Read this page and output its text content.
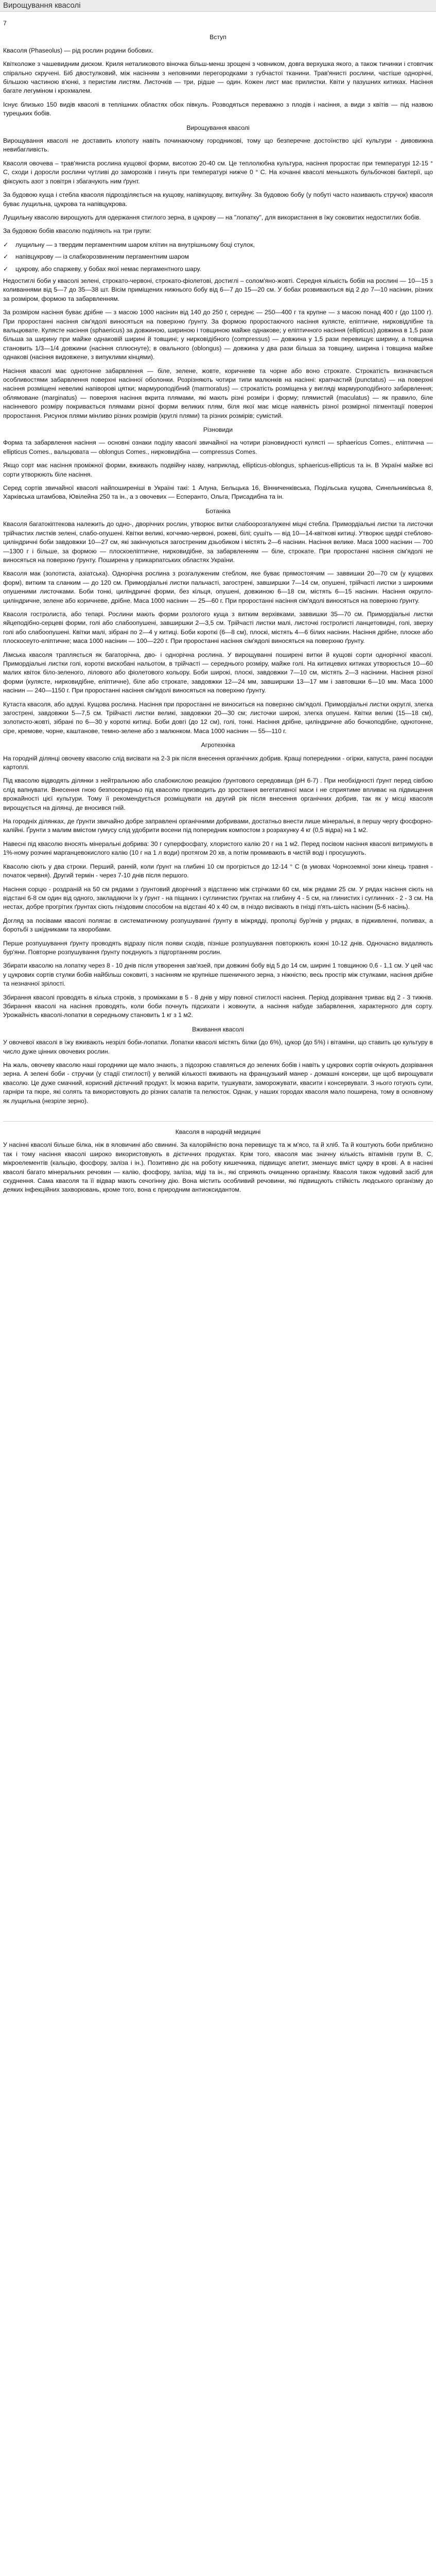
Вирощування квасолі
7
Вступ

Квасоля (Phaseolus) — рід рослин родини бобових.

Квітколоже з чашевидним диском. Криля неталиковото віночка більш-менш зрощені з човником, довга верхушка якого, а також тичинки і стовпчик спірально скручені. Біб двостулковий, між насінням з неповними перегородками з губчастої тканини. Трав'янисті рослини, частіше однорічні, більшою частиною в'юнкі, з перистим листям. Листочків — три, рідше — один. Кожен лист має прилистки. Квіти у пазушних китиках. Насіння багате легуміном і крохмалем.

Існує близько 150 видів квасолі в теплішних областях обох півкуль. Розводяться переважно з плодів і насіння, а види з квітів — під назвою турецьких бобів.

Вирощування квасолі

Вирощування квасолі не доставить клопоту навіть починаючому городникові, тому що безперечне достоїнство цієї культури - дивовижна невибагливість.

Квасоля овочева – трав'яниста рослина кущової форми, висотою 20-40 см. Це теплолюбна культура, насіння проростає при температурі 12-15 ° С, сходи і доросли рослини чутливі до заморозків і гинуть при температурі нижче 0 ° С. На кочанні квасолі меньшкоть бульбочкові бактерії, що фіксують азот з повітря і збагачують ним ґрунт.

За будовою куща і стебла квасоля підрозділяється на кущову, напівкущову, виткуйну. За будовою бобу (у побуті часто називають стручок) квасоля буває лущильна, цукрова та напівцукрова.

Лущильну квасолю вирощують для одержання стиглого зерна, в цукрову — на "лопатку", для використання в їжу соковитих недостиглих бобів.

За будовою бобів квасолю поділяють на три групи:

✓ лущильну — з твердим пергаментним шаром клітин на внутрішньому боці стулок,
✓ напівцукрову — із слабкорозвиненим пергаментним шаром
✓ цукрову, або спаржеву, у бобах якої немає пергаментного шару.

Недостиглі боби у квасолі зелені, строкато-червоні, строкато-фіолетові, достиглі – солом'яно-жовті. Середня кількість бобів на рослині — 10—15 з коливаннями від 5—7 до 35—38 шт. Вісім приміщених нижнього бобу від 6—7 до 15—20 см. У бобах розвиваються від 2 до 7—10 насінин, різних за розміром, формою та забарвленням.

За розміром насіння буває дрібне — з масою 1000 насінин від 140 до 250 г, середнє — 250—400 г та крупне — з масою понад 400 г (до 1100 г). При проростанні насіння сім'ядолі виносяться на поверхню ґрунту. За формою проростаючого насіння кулясте, еліптичне, нирковідлібне та вальцювате. Кулясте насіння (sphaericus) за довжиною, шириною і товщиною майже однакове; у еліптичного насіння (ellipticus) довжина в 1,5 рази більша за ширину при майже однаковій ширині й товщині; у нирковідібного (compressus) — довжина у 1,5 рази перевищує ширину, а товщина становить 1/3—1/4 довжини (насіння сплюснуте); в овального (oblongus) — довжина у два рази більша за товщину, ширина і товщина майже однакові (насіння видовжене, з випуклими кінцями).

Насіння квасолі має однотонне забарвлення — біле, зелене, жовте, коричневе та чорне або воно строкате. Строкатість визначається особливостями забарвлення поверхні насінної оболонки. Розрізняють чотири типи малюнків на насінні: крапчастий (punctatus) — на поверхні насіння розміщені невеликі напіворові цятки; мармуроподібний (marmoratus) — строкатість розміщена у вигляді мармуроподібного забарвлення; облямоване (marginatus) — поверхня насіння вкрита плямами, які мають різні розміри і форму; плямистий (maculatus) — як правило, біле насінневого розміру покривається плямами різної форми великих плям, біля якої має місце наявність різної розмірної пігментації поверхні проростання. Рисунок плями мінливо різних розмірів (круглі плями) та різних розмірів; сумістий.

Різновиди

Форма та забарвлення насіння — основні ознаки поділу квасолі звичайної на чотири різновидності кулясті — sphaericus Comes., еліптична — ellipticus Comes., вальцювата — oblongus Comes., нирковидібна — compressus Comes.

Якщо сорт має насіння проміжної форми, вживають подвійну назву, наприклад, ellipticus-oblongus, sphaericus-ellipticus та ін. В Україні майже всі сорти утворюють біле насіння.

Серед сортів звичайної квасолі найпоширеніші в Україні такі: 1 Алуна, Бельцька 16, Вінниченківська, Подільська кущова, Синельниківська 8, Харківська штамбова, Ювілейна 250 та ін., а з овочевих — Есперанто, Ольга, Присадибна та ін.

Ботаніка

Квасоля багатокіптекова належить до одно-, дворічних рослин, утворює витки слабоорозгалужені міцні стебла. Примордіальні листки та листочки трійчастих листків зелені, слабо-опушені. Квітки великі, когчнмо-червоні, рожеві, білі; сушіть — від 10—14-квіткові китиці. Утворює щедрі стеблово-циліндричні боби завдовжки 10—27 см, які закінчуються загостреним дзьобиком і містять 2—6 насінин. Насіння велике. Маса 1000 насінин — 700—1300 г і більше, за формою — плоскоеліптичне, нирковидібне, за забарвленням — біле, строкате. При проростанні насіння сім'ядолі не виносяться на поверхню ґрунту. Поширена у прикарпатських областях України.

Квасоля мак (золотиста, азіатська). Однорічна рослина з розгалуженим стеблом, яке буває прямостоячим — заввишки 20—70 см (у кущових форм), витким та сланким — до 120 см. Примордіальні листки пальчасті, загострені, завширшки 7—14 см, опушені, трійчасті листки з широкими опушеними листочками. Боби тонкі, циліндричні форми, без кільця, опушені, довжиною 6—18 см, містять 6—15 насінин. Насіння округло-циліндричне, зелене або коричневе, дрібне. Маса 1000 насінин — 25—60 г. При проростанні насіння сім'ядолі виносяться на поверхню ґрунту.

Квасоля гостролиста, або тепарі. Рослини мають форми розлогого куща з витким верхівками, заввишки 35—70 см. Примордіальні листки яйцеподібно-серцеві форми, голі або слабоопушені, завширшки 2—3,5 см. Трійчасті листки малі, листочкі гостролисті ланцетовидні, голі, зверху голі або слабоопушені. Квітки малі, зібрані по 2—4 у китиці. Боби короткі (6—8 см), плоскі, містять 4—6 білих насінин. Насіння дрібне, плоске або плоскосеуто-еліптичне; маса 1000 насінин — 100—220 г. При проростанні насіння сім'ядолі виносяться на поверхню ґрунту.

Лімська квасоля трапляється як багаторічна, дво- і однорічна рослина. У вирощуванні поширені витки й кущові сорти однорічної квасолі. Примордіальні листки голі, короткі вискобані нальотом, в трійчасті — середнього розміру, майже голі. На китицевих китиках утворюється 10—60 малих квіток біло-зеленого, лілового або фіолетового кольору. Боби широкі, плоскі, завдовжки 7—10 см, містять 2—3 насінини. Насіння різної форми (кулясте, нирковидібне, еліптичне), біле або строкате, завдовжки 12—24 мм, завширшки 13—17 мм і завтовшки 6—10 мм. Маса 1000 насінин — 240—1150 г. При проростанні насіння сім'ядолі виносяться на поверхню ґрунту.

Кутаста квасоля, або адзукі. Кущова рослина. Насіння при проростанні не виноситься на поверхню сім'ядолі. Примордіальні листки округлі, злегка загострені, завдовжки 5—7,5 см. Трійчасті листки великі, завдовжки 20—30 см; листочки широкі, злегка опушені. Квітки великі (15—18 см), золотисто-жовті, зібрані по 6—30 у короткі китиці. Боби довгі (до 12 см), голі, тонкі. Насіння дрібне, циліндричне або бочкоподібне, однотонне, сіре, кремове, чорне, каштанове, темно-зелене або з малюнком. Маса 1000 насінин — 55—110 г.

Агротехніка

На городній ділянці овочеву квасолю слід висівати на 2-3 рік після внесення органічних добрив. Кращі попередники - огірки, капуста, ранні посадки картоплі.

Під квасолю відводять ділянки з нейтральною або слабокислою реакцією ґрунтового середовища (pH 6-7) . При необхідності ґрунт перед сівбою слід вапнувати. Внесення гною безпосередньо під квасолю призводить до зростання вегетативної маси і не сприятиме впливає на підвищення врожайності цієї культури. Тому її рекомендується розміщувати на другий рік після внесення органічних добрив, так як у місці квасоля вирощується на ділянці, де вносився гній.

На городніх ділянках, де ґрунти звичайно добре заправлені органічними добривами, достатньо внести лише мінеральні, в першу чергу фосфорно-калійні. Ґрунти з малим вмістом гумусу слід удобрити восени під попередник компостом з розрахунку 4 кг (0,5 відра) на 1 м2.

Навесні під квасолю вносять мінеральні добрива: 30 г суперфосфату, хлористого калію 20 г на 1 м2. Перед посівом насіння квасолі витримують в 1%-ному розчині марганцевокислого калію (10 г на 1 л води) протягом 20 хв, а потім промивають в чистій воді і просушують.

Квасолю сіють у два строки. Перший, ранній, коли ґрунт на глибині 10 см прогріється до 12-14 ° С (в умовах Чорноземної зони кінець травня - початок червня). Другий термін - через 7-10 днів після першого.

Насіння сорцю - роздраній на 50 см рядами з ґрунтовий дворічний з відстанню між стрічками 60 см, між рядами 25 см. У рядах насіння сіють на відстані 6-8 см один від одного, закладаючи їх у ґрунт - на піщаних і суглинистих ґрунтах на глибину 4 - 5 см, на глинистих і суглинних - 2 - 3 см. На нестах, добре прогрітих ґрунтах сіють гніздовим способом на відстані 40 х 40 см, в гніздо висівають в гнізді п'ять-шість насінин (5-6 насінь).

Догляд за посівами квасолі полягає в систематичному розпушуванні ґрунту в міжрядді, прополці бур'янів у рядках, в підживленні, поливах, а боротьбі з шкідниками та хворобами.

Перше розпушування ґрунту проводять відразу після появи сходів, пізніше розпушування повторюють кожні 10-12 днів. Одночасно видаляють бур'яни. Повторне розпушування ґрунту поєднують з підгортанням рослин.

Збирати квасолю на лопатку через 8 - 10 днів після утворення зав'язей, при довжині бобу від 5 до 14 см, ширині 1 товщиною 0,6 - 1,1 см. У цей час у цукрових сортів стулки бобів найбільш соковиті, з насінням не крупніше пшеничного зерна, з ніжністю, весь простір між стулками, насіння дрібне та незначної зрілості.

Збирання квасолі проводять в кілька строків, з проміжками в 5 - 8 днів у міру повної стиглості насіння. Період дозрівання триває від 2 - 3 тижнів. Збирання квасолі на насіння проводять, коли боби почнуть підсихати і жовкнути, а насіння набуде забарвлення, характерного для сорту. Урожайність квасолі-лопатки в середньому становить 1 кг з 1 м2.

Вживання квасолі

У овочевої квасолі в їжу вживають незрілі боби-лопатки. Лопатки квасолі містять білки (до 6%), цукор (до 5%) і вітаміни, що ставить цю культуру в число дуже цінних овочевих рослин.

На жаль, овочеву квасолю наші городники ще мало знають, з підозрою ставляться до зелених бобів і навіть у цукрових сортів очікують дозрівання зерна. А зелені боби - стручки (у стадії стиглості) у великій кількості вживають на французький манер - домашні консерви, ще щоб вирощувати квасолю. Це дуже смачний, корисний дієтичний продукт. Їх можна варити, тушкувати, заморожувати, квасити і консервувати. З нього готують супи, гарніри та пюре, які солять та використовують до різних салатів та пелюсток. Однак, у наших городах квасоля мало поширена, тому в основному як лущильна (незріле зерно).

Квасоля в народній медицині

У насінні квасолі більше білка, ніж в яловичині або свинині. За калорійністю вона перевищує та ж м'ясо, та й хліб. Та й коштують боби приблизно так і тому насіння квасолі широко використовують в дієтичних продуктах. Крім того, квасоля має значну кількість вітамінів групи В, С, мікроелементів (кальцію, фосфору, заліза і ін.). Позитивно діє на роботу кишечника, підвищує апетит, зменшує вміст цукру в крові. А в насінні квасолі багато мінеральних речовин — калію, фосфору, заліза, міді та ін., які сприяють очищенню організму. Квасоля також чудовий засіб для схуднення. Сама квасоля та її відвар мають сечогінну дію. Вона містить особливий речовини, які підвищують стійкість людського організму до деяких інфекційних захворювань, кроме того, вона є природним антиоксидантом.
